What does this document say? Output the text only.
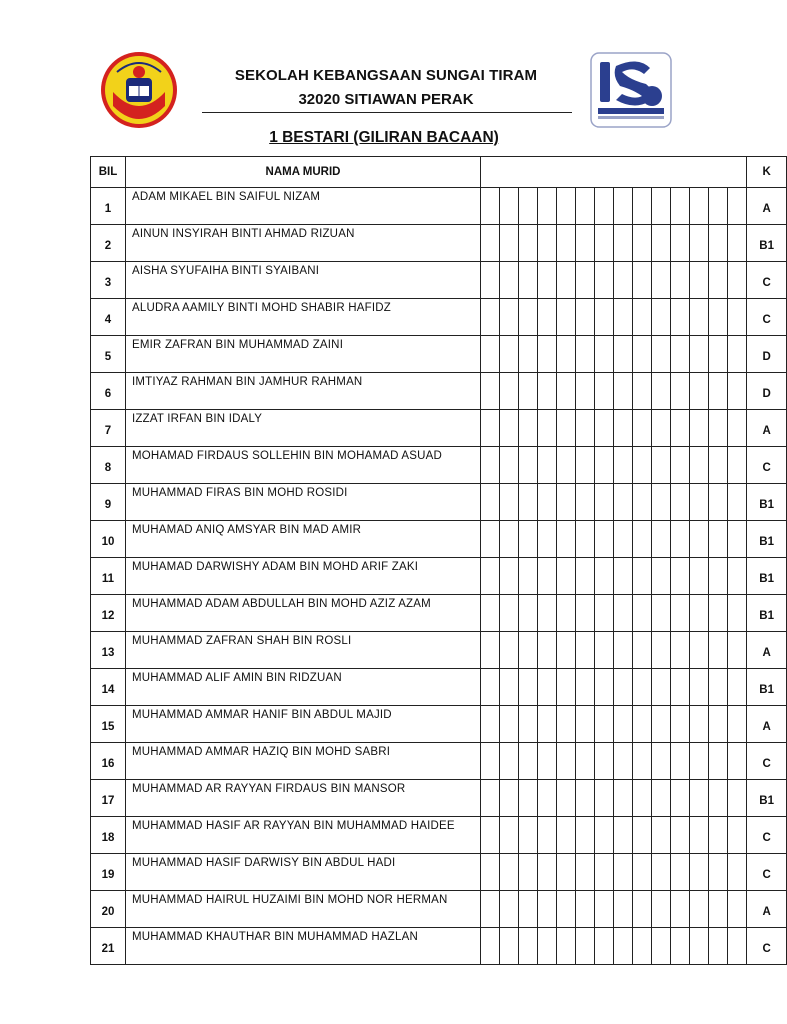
SEKOLAH KEBANGSAAN SUNGAI TIRAM
32020 SITIAWAN PERAK
1 BESTARI (GILIRAN BACAAN)
BIL	NAMA MURID															K
1	ADAM MIKAEL BIN SAIFUL NIZAM															A
2	AINUN INSYIRAH BINTI AHMAD RIZUAN															B1
3	AISHA SYUFAIHA BINTI SYAIBANI															C
4	ALUDRA AAMILY BINTI MOHD SHABIR HAFIDZ															C
5	EMIR ZAFRAN BIN MUHAMMAD ZAINI															D
6	IMTIYAZ RAHMAN BIN JAMHUR RAHMAN															D
7	IZZAT IRFAN BIN IDALY															A
8	MOHAMAD FIRDAUS SOLLEHIN BIN MOHAMAD ASUAD															C
9	MUHAMMAD FIRAS BIN MOHD ROSIDI															B1
10	MUHAMAD ANIQ AMSYAR BIN MAD AMIR															B1
11	MUHAMAD DARWISHY ADAM BIN MOHD ARIF ZAKI															B1
12	MUHAMMAD ADAM ABDULLAH BIN MOHD AZIZ AZAM															B1
13	MUHAMMAD ZAFRAN SHAH BIN ROSLI															A
14	MUHAMMAD ALIF AMIN BIN RIDZUAN															B1
15	MUHAMMAD AMMAR HANIF BIN ABDUL MAJID															A
16	MUHAMMAD AMMAR HAZIQ BIN MOHD SABRI															C
17	MUHAMMAD AR RAYYAN FIRDAUS BIN MANSOR															B1
18	MUHAMMAD HASIF AR RAYYAN BIN MUHAMMAD HAIDEE															C
19	MUHAMMAD HASIF DARWISY BIN ABDUL HADI															C
20	MUHAMMAD HAIRUL HUZAIMI BIN MOHD NOR HERMAN															A
21	MUHAMMAD KHAUTHAR BIN MUHAMMAD HAZLAN															C
